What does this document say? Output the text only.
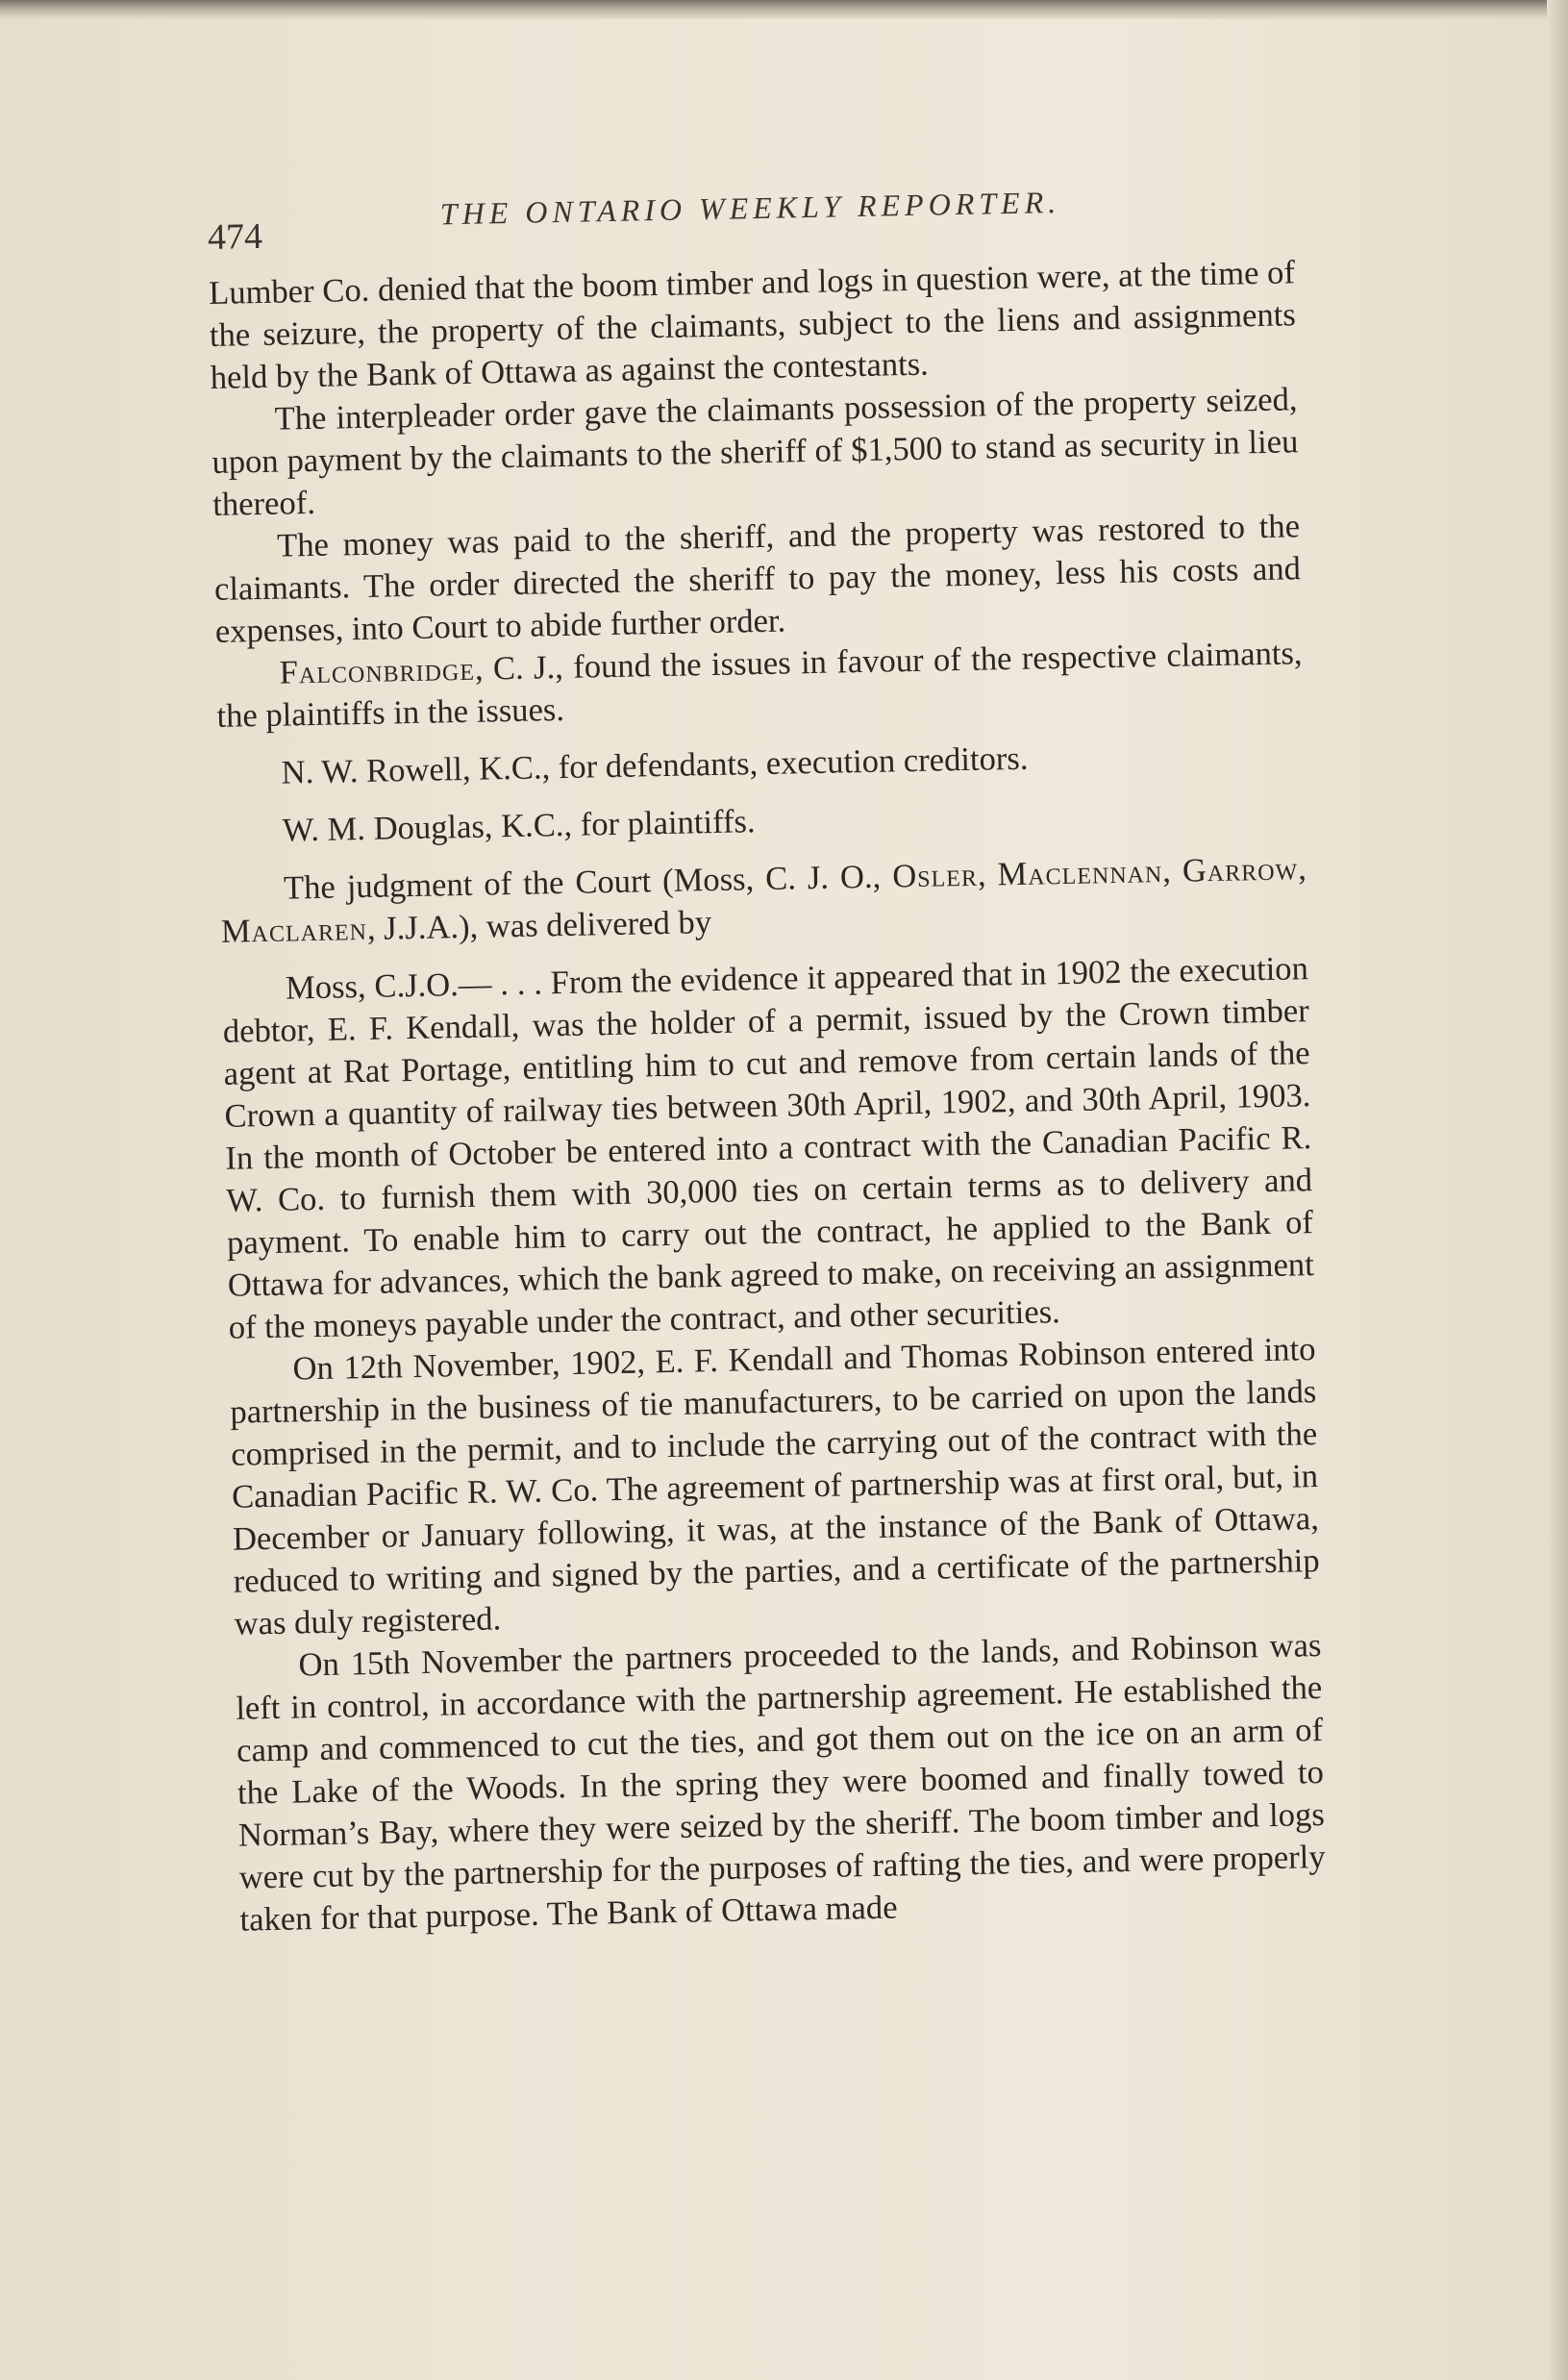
474
THE ONTARIO WEEKLY REPORTER.

Lumber Co. denied that the boom timber and logs in question were, at the time of the seizure, the property of the claimants, subject to the liens and assignments held by the Bank of Ottawa as against the contestants.

The interpleader order gave the claimants possession of the property seized, upon payment by the claimants to the sheriff of $1,500 to stand as security in lieu thereof.

The money was paid to the sheriff, and the property was restored to the claimants. The order directed the sheriff to pay the money, less his costs and expenses, into Court to abide further order.

Falconbridge, C. J., found the issues in favour of the respective claimants, the plaintiffs in the issues.

N. W. Rowell, K.C., for defendants, execution creditors.

W. M. Douglas, K.C., for plaintiffs.

The judgment of the Court (Moss, C. J. O., Osler, Maclennan, Garrow, Maclaren, J.J.A.), was delivered by

Moss, C.J.O.— . . . From the evidence it appeared that in 1902 the execution debtor, E. F. Kendall, was the holder of a permit, issued by the Crown timber agent at Rat Portage, entitling him to cut and remove from certain lands of the Crown a quantity of railway ties between 30th April, 1902, and 30th April, 1903. In the month of October be entered into a contract with the Canadian Pacific R. W. Co. to furnish them with 30,000 ties on certain terms as to delivery and payment. To enable him to carry out the contract, he applied to the Bank of Ottawa for advances, which the bank agreed to make, on receiving an assignment of the moneys payable under the contract, and other securities.

On 12th November, 1902, E. F. Kendall and Thomas Robinson entered into partnership in the business of tie manufacturers, to be carried on upon the lands comprised in the permit, and to include the carrying out of the contract with the Canadian Pacific R. W. Co. The agreement of partnership was at first oral, but, in December or January following, it was, at the instance of the Bank of Ottawa, reduced to writing and signed by the parties, and a certificate of the partnership was duly registered.

On 15th November the partners proceeded to the lands, and Robinson was left in control, in accordance with the partnership agreement. He established the camp and commenced to cut the ties, and got them out on the ice on an arm of the Lake of the Woods. In the spring they were boomed and finally towed to Norman’s Bay, where they were seized by the sheriff. The boom timber and logs were cut by the partnership for the purposes of rafting the ties, and were properly taken for that purpose. The Bank of Ottawa made
